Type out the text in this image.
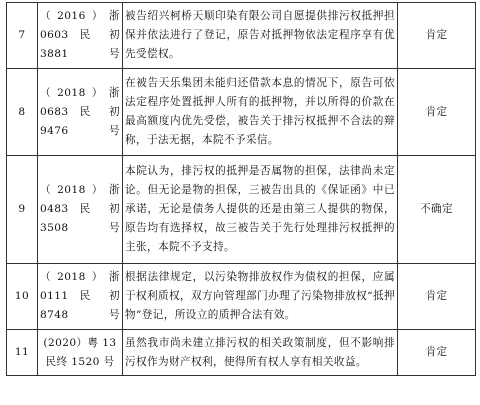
7	（2016）浙
0603 民 初
3881 号	被告绍兴柯桥天顺印染有限公司自愿提供排污权抵押担保并依法进行了登记，原告对抵押物依法定程序享有优先受偿权。	肯定
8	（2018）浙
0683 民 初
9476 号	在被告天乐集团未能归还借款本息的情况下，原告可依法定程序处置抵押人所有的抵押物，并以所得的价款在最高额度内优先受偿，被告关于排污权抵押不合法的辩称，于法无据，本院不予采信。	肯定
9	（2018）浙
0483 民 初
3508 号	本院认为，排污权的抵押是否属物的担保，法律尚未定论。但无论是物的担保，三被告出具的《保证函》中已承诺，无论是债务人提供的还是由第三人提供的物保，原告均有选择权，故三被告关于先行处理排污权抵押的主张，本院不予支持。	不确定
10	（2018）浙
0111 民 初
8748 号	根据法律规定，以污染物排放权作为债权的担保，应属于权利质权，双方向管理部门办理了污染物排放权“抵押物”登记，所设立的质押合法有效。	肯定
11	(2020）粤 13
民终 1520 号	虽然我市尚未建立排污权的相关政策制度，但不影响排污权作为财产权利，使得所有权人享有相关收益。	肯定
